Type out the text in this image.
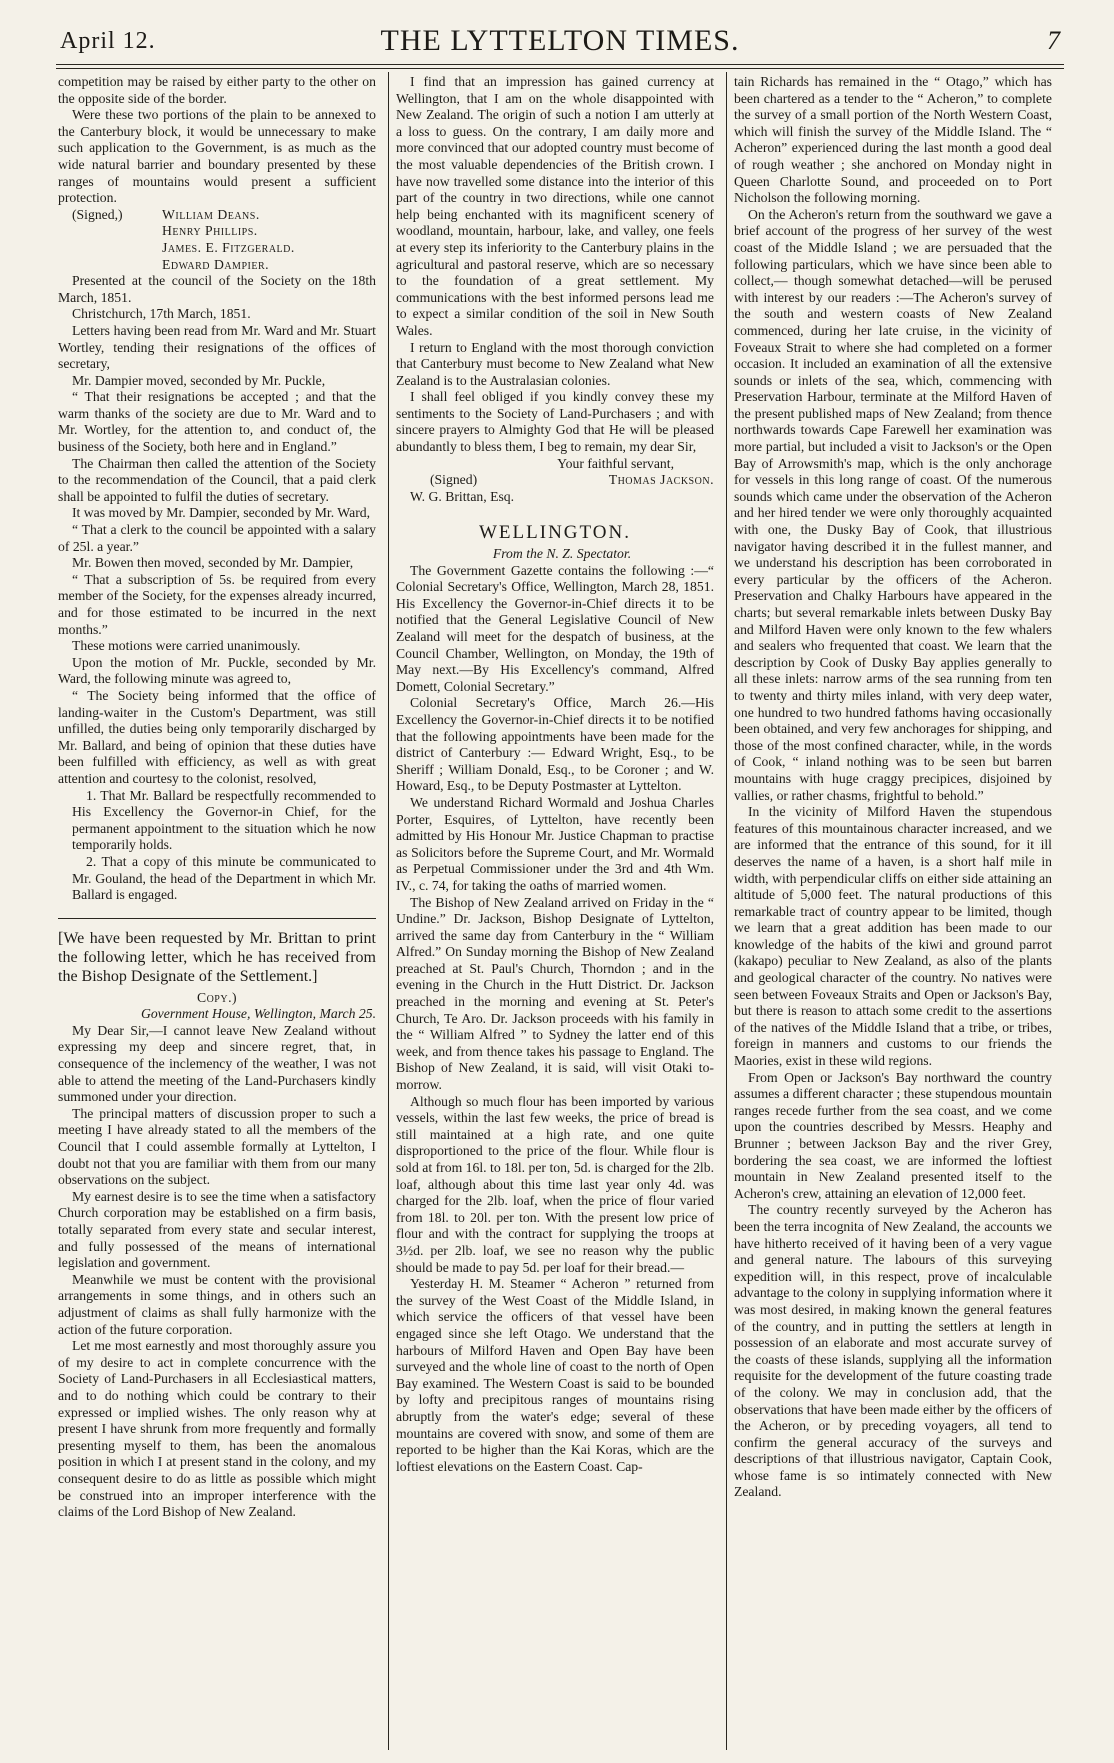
April 12.	THE LYTTELTON TIMES.	7

competition may be raised by either party to the other on the opposite side of the border.

Were these two portions of the plain to be annexed to the Canterbury block, it would be unnecessary to make such application to the Government, is as much as the wide natural barrier and boundary presented by these ranges of mountains would present a sufficient protection.

(Signed,)	William Deans.
	Henry Phillips.
	James. E. Fitzgerald.
	Edward Dampier.

Presented at the council of the Society on the 18th March, 1851.

Christchurch, 17th March, 1851.

Letters having been read from Mr. Ward and Mr. Stuart Wortley, tending their resignations of the offices of secretary,

Mr. Dampier moved, seconded by Mr. Puckle,

“ That their resignations be accepted ; and that the warm thanks of the society are due to Mr. Ward and to Mr. Wortley, for the attention to, and conduct of, the business of the Society, both here and in England.”

The Chairman then called the attention of the Society to the recommendation of the Council, that a paid clerk shall be appointed to fulfil the duties of secretary.

It was moved by Mr. Dampier, seconded by Mr. Ward,

“ That a clerk to the council be appointed with a salary of 25l. a year.”

Mr. Bowen then moved, seconded by Mr. Dampier,

“ That a subscription of 5s. be required from every member of the Society, for the expenses already incurred, and for those estimated to be incurred in the next months.”

These motions were carried unanimously.

Upon the motion of Mr. Puckle, seconded by Mr. Ward, the following minute was agreed to,

“ The Society being informed that the office of landing-waiter in the Custom's Department, was still unfilled, the duties being only temporarily discharged by Mr. Ballard, and being of opinion that these duties have been fulfilled with efficiency, as well as with great attention and courtesy to the colonist, resolved,

1. That Mr. Ballard be respectfully recommended to His Excellency the Governor-in Chief, for the permanent appointment to the situation which he now temporarily holds.

2. That a copy of this minute be communicated to Mr. Gouland, the head of the Department in which Mr. Ballard is engaged.

[We have been requested by Mr. Brittan to print the following letter, which he has received from the Bishop Designate of the Settlement.]

Copy.)

Government House, Wellington, March 25.

My Dear Sir,—I cannot leave New Zealand without expressing my deep and sincere regret, that, in consequence of the inclemency of the weather, I was not able to attend the meeting of the Land-Purchasers kindly summoned under your direction.

The principal matters of discussion proper to such a meeting I have already stated to all the members of the Council that I could assemble formally at Lyttelton, I doubt not that you are familiar with them from our many observations on the subject.

My earnest desire is to see the time when a satisfactory Church corporation may be established on a firm basis, totally separated from every state and secular interest, and fully possessed of the means of international legislation and government.

Meanwhile we must be content with the provisional arrangements in some things, and in others such an adjustment of claims as shall fully harmonize with the action of the future corporation.

Let me most earnestly and most thoroughly assure you of my desire to act in complete concurrence with the Society of Land-Purchasers in all Ecclesiastical matters, and to do nothing which could be contrary to their expressed or implied wishes. The only reason why at present I have shrunk from more frequently and formally presenting myself to them, has been the anomalous position in which I at present stand in the colony, and my consequent desire to do as little as possible which might be construed into an improper interference with the claims of the Lord Bishop of New Zealand.

I find that an impression has gained currency at Wellington, that I am on the whole disappointed with New Zealand. The origin of such a notion I am utterly at a loss to guess. On the contrary, I am daily more and more convinced that our adopted country must become of the most valuable dependencies of the British crown. I have now travelled some distance into the interior of this part of the country in two directions, while one cannot help being enchanted with its magnificent scenery of woodland, mountain, harbour, lake, and valley, one feels at every step its inferiority to the Canterbury plains in the agricultural and pastoral reserve, which are so necessary to the foundation of a great settlement. My communications with the best informed persons lead me to expect a similar condition of the soil in New South Wales.

I return to England with the most thorough conviction that Canterbury must become to New Zealand what New Zealand is to the Australasian colonies.

I shall feel obliged if you kindly convey these my sentiments to the Society of Land-Purchasers ; and with sincere prayers to Almighty God that He will be pleased abundantly to bless them, I beg to remain, my dear Sir,

Your faithful servant,

(Signed)	Thomas Jackson.

W. G. Brittan, Esq.

WELLINGTON.

From the N. Z. Spectator.

The Government Gazette contains the following :—“ Colonial Secretary's Office, Wellington, March 28, 1851. His Excellency the Governor-in-Chief directs it to be notified that the General Legislative Council of New Zealand will meet for the despatch of business, at the Council Chamber, Wellington, on Monday, the 19th of May next.—By His Excellency's command, Alfred Domett, Colonial Secretary.”

Colonial Secretary's Office, March 26.—His Excellency the Governor-in-Chief directs it to be notified that the following appointments have been made for the district of Canterbury :— Edward Wright, Esq., to be Sheriff ; William Donald, Esq., to be Coroner ; and W. Howard, Esq., to be Deputy Postmaster at Lyttelton.

We understand Richard Wormald and Joshua Charles Porter, Esquires, of Lyttelton, have recently been admitted by His Honour Mr. Justice Chapman to practise as Solicitors before the Supreme Court, and Mr. Wormald as Perpetual Commissioner under the 3rd and 4th Wm. IV., c. 74, for taking the oaths of married women.

The Bishop of New Zealand arrived on Friday in the “ Undine.” Dr. Jackson, Bishop Designate of Lyttelton, arrived the same day from Canterbury in the “ William Alfred.” On Sunday morning the Bishop of New Zealand preached at St. Paul's Church, Thorndon ; and in the evening in the Church in the Hutt District. Dr. Jackson preached in the morning and evening at St. Peter's Church, Te Aro. Dr. Jackson proceeds with his family in the “ William Alfred ” to Sydney the latter end of this week, and from thence takes his passage to England. The Bishop of New Zealand, it is said, will visit Otaki to-morrow.

Although so much flour has been imported by various vessels, within the last few weeks, the price of bread is still maintained at a high rate, and one quite disproportioned to the price of the flour. While flour is sold at from 16l. to 18l. per ton, 5d. is charged for the 2lb. loaf, although about this time last year only 4d. was charged for the 2lb. loaf, when the price of flour varied from 18l. to 20l. per ton. With the present low price of flour and with the contract for supplying the troops at 3½d. per 2lb. loaf, we see no reason why the public should be made to pay 5d. per loaf for their bread.—

Yesterday H. M. Steamer “ Acheron ” returned from the survey of the West Coast of the Middle Island, in which service the officers of that vessel have been engaged since she left Otago. We understand that the harbours of Milford Haven and Open Bay have been surveyed and the whole line of coast to the north of Open Bay examined. The Western Coast is said to be bounded by lofty and precipitous ranges of mountains rising abruptly from the water's edge; several of these mountains are covered with snow, and some of them are reported to be higher than the Kai Koras, which are the loftiest elevations on the Eastern Coast. Cap-

tain Richards has remained in the “ Otago,” which has been chartered as a tender to the “ Acheron,” to complete the survey of a small portion of the North Western Coast, which will finish the survey of the Middle Island. The “ Acheron” experienced during the last month a good deal of rough weather ; she anchored on Monday night in Queen Charlotte Sound, and proceeded on to Port Nicholson the following morning.

On the Acheron's return from the southward we gave a brief account of the progress of her survey of the west coast of the Middle Island ; we are persuaded that the following particulars, which we have since been able to collect,— though somewhat detached—will be perused with interest by our readers :—The Acheron's survey of the south and western coasts of New Zealand commenced, during her late cruise, in the vicinity of Foveaux Strait to where she had completed on a former occasion. It included an examination of all the extensive sounds or inlets of the sea, which, commencing with Preservation Harbour, terminate at the Milford Haven of the present published maps of New Zealand; from thence northwards towards Cape Farewell her examination was more partial, but included a visit to Jackson's or the Open Bay of Arrowsmith's map, which is the only anchorage for vessels in this long range of coast. Of the numerous sounds which came under the observation of the Acheron and her hired tender we were only thoroughly acquainted with one, the Dusky Bay of Cook, that illustrious navigator having described it in the fullest manner, and we understand his description has been corroborated in every particular by the officers of the Acheron. Preservation and Chalky Harbours have appeared in the charts; but several remarkable inlets between Dusky Bay and Milford Haven were only known to the few whalers and sealers who frequented that coast. We learn that the description by Cook of Dusky Bay applies generally to all these inlets: narrow arms of the sea running from ten to twenty and thirty miles inland, with very deep water, one hundred to two hundred fathoms having occasionally been obtained, and very few anchorages for shipping, and those of the most confined character, while, in the words of Cook, “ inland nothing was to be seen but barren mountains with huge craggy precipices, disjoined by vallies, or rather chasms, frightful to behold.”

In the vicinity of Milford Haven the stupendous features of this mountainous character increased, and we are informed that the entrance of this sound, for it ill deserves the name of a haven, is a short half mile in width, with perpendicular cliffs on either side attaining an altitude of 5,000 feet. The natural productions of this remarkable tract of country appear to be limited, though we learn that a great addition has been made to our knowledge of the habits of the kiwi and ground parrot (kakapo) peculiar to New Zealand, as also of the plants and geological character of the country. No natives were seen between Foveaux Straits and Open or Jackson's Bay, but there is reason to attach some credit to the assertions of the natives of the Middle Island that a tribe, or tribes, foreign in manners and customs to our friends the Maories, exist in these wild regions.

From Open or Jackson's Bay northward the country assumes a different character ; these stupendous mountain ranges recede further from the sea coast, and we come upon the countries described by Messrs. Heaphy and Brunner ; between Jackson Bay and the river Grey, bordering the sea coast, we are informed the loftiest mountain in New Zealand presented itself to the Acheron's crew, attaining an elevation of 12,000 feet.

The country recently surveyed by the Acheron has been the terra incognita of New Zealand, the accounts we have hitherto received of it having been of a very vague and general nature. The labours of this surveying expedition will, in this respect, prove of incalculable advantage to the colony in supplying information where it was most desired, in making known the general features of the country, and in putting the settlers at length in possession of an elaborate and most accurate survey of the coasts of these islands, supplying all the information requisite for the development of the future coasting trade of the colony. We may in conclusion add, that the observations that have been made either by the officers of the Acheron, or by preceding voyagers, all tend to confirm the general accuracy of the surveys and descriptions of that illustrious navigator, Captain Cook, whose fame is so intimately connected with New Zealand.
